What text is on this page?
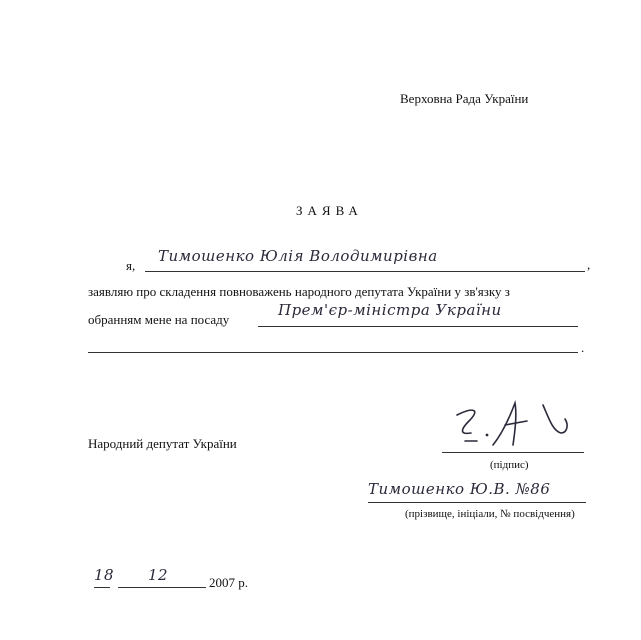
Верховна Рада України
ЗАЯВА
я,
Тимошенко Юлія Володимирівна	,
заявляю про складення повноважень народного депутата України у зв'язку з
обранням мене на посаду
Прем'єр-міністра України
.
Народний депутат України
(підпис)
Тимошенко Ю.В. №86
(прізвище, ініціали, № посвідчення)
18 12	2007 р.
